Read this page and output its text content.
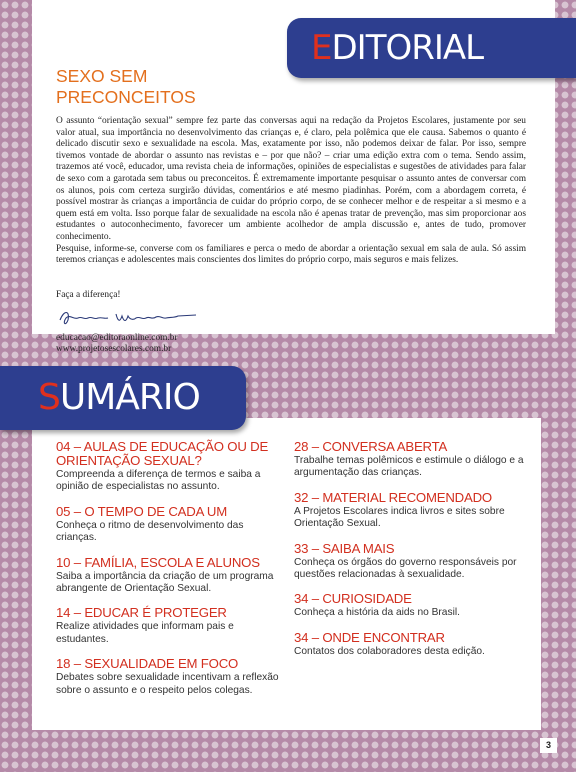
EDITORIAL
SEXO SEM
PRECONCEITOS

O assunto “orientação sexual” sempre fez parte das conversas aqui na redação da Projetos Escolares, justamente por seu valor atual, sua importância no desenvolvimento das crianças e, é claro, pela polêmica que ele causa. Sabemos o quanto é delicado discutir sexo e sexualidade na escola. Mas, exatamente por isso, não podemos deixar de falar. Por isso, sempre tivemos vontade de abordar o assunto nas revistas e – por que não? – criar uma edição extra com o tema. Sendo assim, trazemos até você, educador, uma revista cheia de informações, opiniões de especialistas e sugestões de atividades para falar de sexo com a garotada sem tabus ou preconceitos. É extremamente importante pesquisar o assunto antes de conversar com os alunos, pois com certeza surgirão dúvidas, comentários e até mesmo piadinhas. Porém, com a abordagem correta, é possível mostrar às crianças a importância de cuidar do próprio corpo, de se conhecer melhor e de respeitar a si mesmo e a quem está em volta. Isso porque falar de sexualidade na escola não é apenas tratar de prevenção, mas sim proporcionar aos estudantes o autoconhecimento, favorecer um ambiente acolhedor de ampla discussão e, antes de tudo, promover conhecimento.

Pesquise, informe-se, converse com os familiares e perca o medo de abordar a orientação sexual em sala de aula. Só assim teremos crianças e adolescentes mais conscientes dos limites do próprio corpo, mais seguros e mais felizes.

Faça a diferença!
educacao@editoraonline.com.br
www.projetosescolares.com.br
SUMÁRIO
04 – AULAS DE EDUCAÇÃO OU DE ORIENTAÇÃO SEXUAL?
Compreenda a diferença de termos e saiba a opinião de especialistas no assunto.
05 – O TEMPO DE CADA UM
Conheça o ritmo de desenvolvimento das crianças.
10 – FAMÍLIA, ESCOLA E ALUNOS
Saiba a importância da criação de um programa abrangente de Orientação Sexual.
14 – EDUCAR É PROTEGER
Realize atividades que informam pais e estudantes.
18 – SEXUALIDADE EM FOCO
Debates sobre sexualidade incentivam a reflexão sobre o assunto e o respeito pelos colegas.
28 – CONVERSA ABERTA
Trabalhe temas polêmicos e estimule o diálogo e a argumentação das crianças.
32 – MATERIAL RECOMENDADO
A Projetos Escolares indica livros e sites sobre Orientação Sexual.
33 – SAIBA MAIS
Conheça os órgãos do governo responsáveis por questões relacionadas à sexualidade.
34 – CURIOSIDADE
Conheça a história da aids no Brasil.
34 – ONDE ENCONTRAR
Contatos dos colaboradores desta edição.
3
